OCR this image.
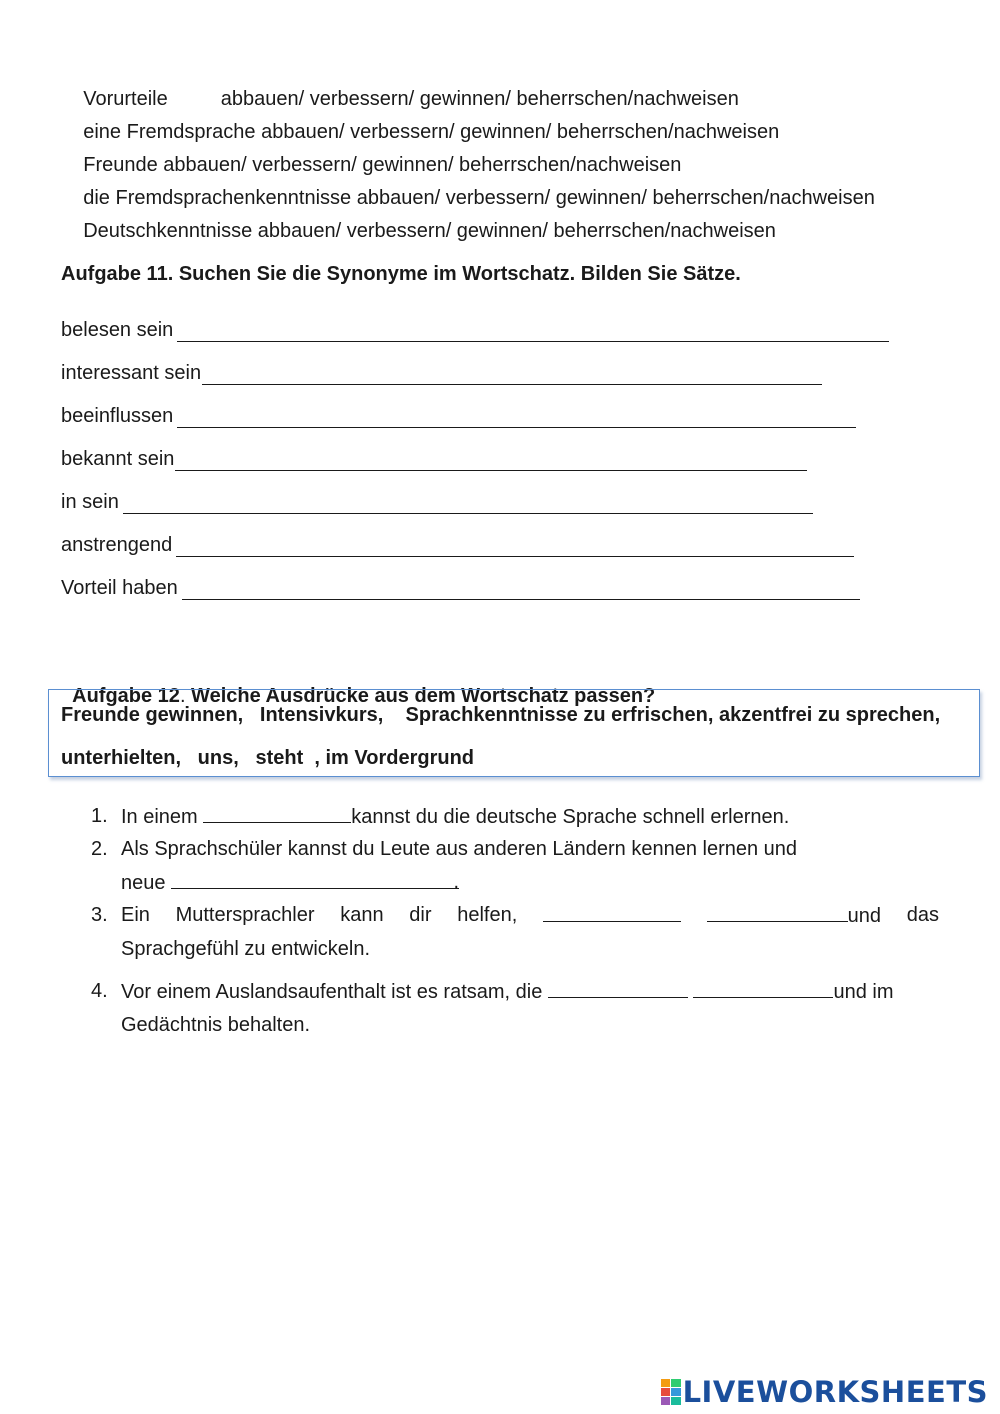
Vorurteile	abbauen/ verbessern/ gewinnen/ beherrschen/nachweisen

eine Fremdsprache abbauen/ verbessern/ gewinnen/ beherrschen/nachweisen

Freunde abbauen/ verbessern/ gewinnen/ beherrschen/nachweisen

die Fremdsprachenkenntnisse abbauen/ verbessern/ gewinnen/ beherrschen/nachweisen

Deutschkenntnisse abbauen/ verbessern/ gewinnen/ beherrschen/nachweisen

Aufgabe 11. Suchen Sie die Synonyme im Wortschatz. Bilden Sie Sätze.
belesen sein
interessant sein
beeinflussen
bekannt sein
in sein
anstrengend
Vorteil haben

Aufgabe 12. Welche Ausdrücke aus dem Wortschatz passen?

Freunde gewinnen,   Intensivkurs,    Sprachkenntnisse zu erfrischen, akzentfrei zu sprechen,
unterhielten,   uns,   steht  , im Vordergrund
1. In einem	kannst du die deutsche Sprache schnell erlernen.
2. Als Sprachschüler kannst du Leute aus anderen Ländern kennen lernen und
neue	.
3. Ein Muttersprachler kann dir helfen,	und das
Sprachgefühl zu entwickeln.
4. Vor einem Auslandsaufenthalt ist es ratsam, die	und im
Gedächtnis behalten.
LIVEWORKSHEETS
